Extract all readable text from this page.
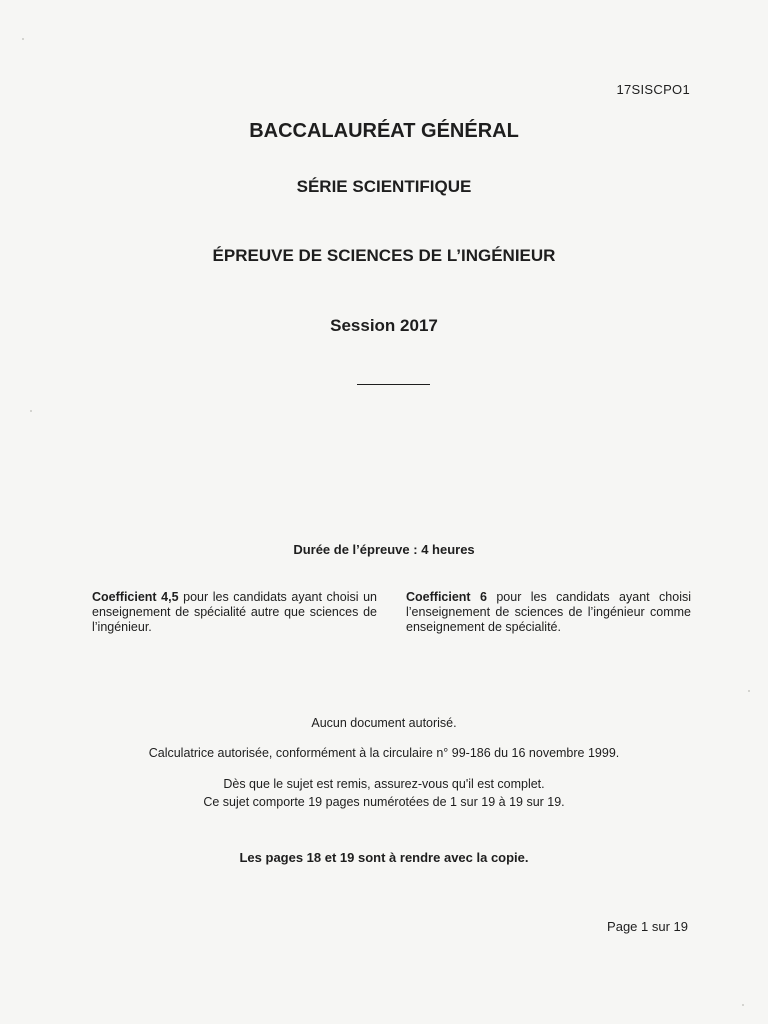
17SISCPO1
BACCALAURÉAT GÉNÉRAL
SÉRIE SCIENTIFIQUE
ÉPREUVE DE SCIENCES DE L’INGÉNIEUR
Session 2017
Durée de l’épreuve : 4 heures
Coefficient 4,5 pour les candidats ayant choisi un enseignement de spécialité autre que sciences de l’ingénieur.
Coefficient 6 pour les candidats ayant choisi l’enseignement de sciences de l’ingénieur comme enseignement de spécialité.
Aucun document autorisé.
Calculatrice autorisée, conformément à la circulaire n° 99-186 du 16 novembre 1999.
Dès que le sujet est remis, assurez-vous qu'il est complet.
Ce sujet comporte 19 pages numérotées de 1 sur 19 à 19 sur 19.
Les pages 18 et 19 sont à rendre avec la copie.
Page 1 sur 19
